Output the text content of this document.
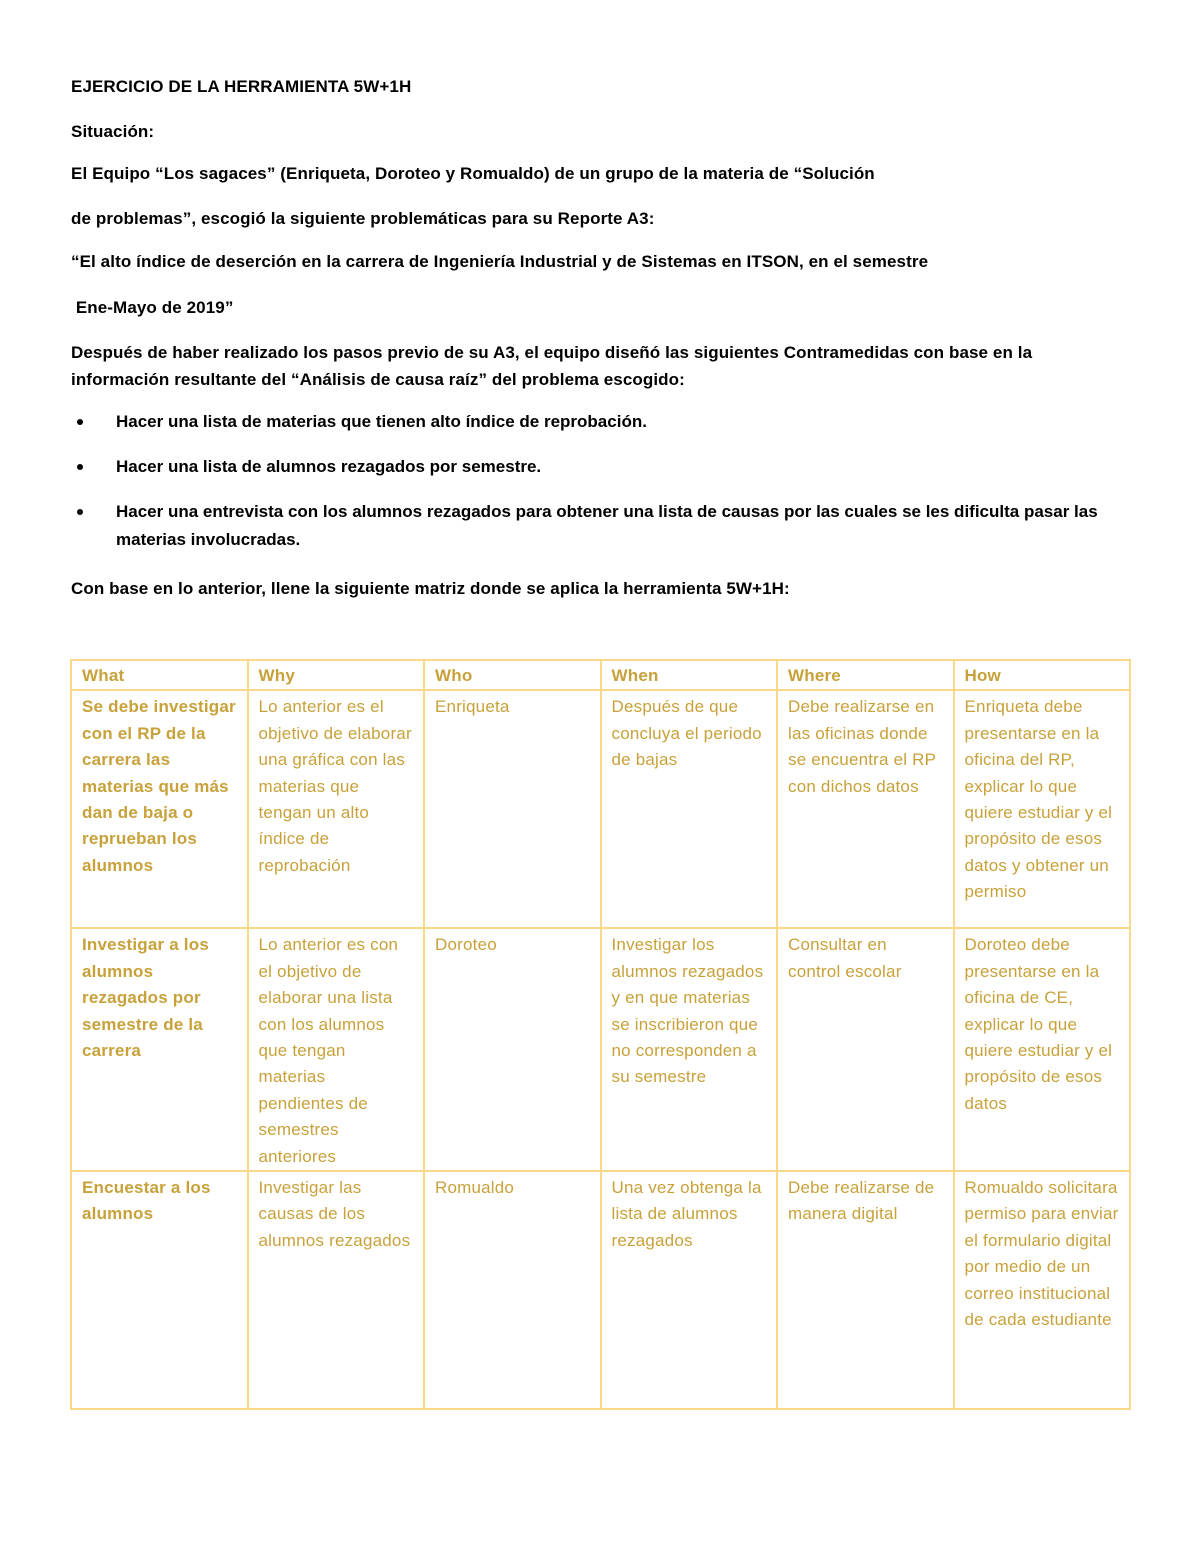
EJERCICIO DE LA HERRAMIENTA 5W+1H

Situación:

El Equipo “Los sagaces” (Enriqueta, Doroteo y Romualdo) de un grupo de la materia de “Solución

de problemas”, escogió la siguiente problemáticas para su Reporte A3:

“El alto índice de deserción en la carrera de Ingeniería Industrial y de Sistemas en ITSON, en el semestre

Ene-Mayo de 2019”

Después de haber realizado los pasos previo de su A3, el equipo diseñó las siguientes Contramedidas con base en la información resultante del “Análisis de causa raíz” del problema escogido:

Hacer una lista de materias que tienen alto índice de reprobación.
Hacer una lista de alumnos rezagados por semestre.
Hacer una entrevista con los alumnos rezagados para obtener una lista de causas por las cuales se les dificulta pasar las materias involucradas.

Con base en lo anterior, llene la siguiente matriz donde se aplica la herramienta 5W+1H:

What	Why	Who	When	Where	How
Se debe investigar con el RP de la carrera las materias que más dan de baja o reprueban los alumnos	Lo anterior es el objetivo de elaborar una gráfica con las materias que tengan un alto índice de reprobación	Enriqueta	Después de que concluya el periodo de bajas	Debe realizarse en las oficinas donde se encuentra el RP con dichos datos	Enriqueta debe presentarse en la oficina del RP, explicar lo que quiere estudiar y el propósito de esos datos y obtener un permiso
Investigar a los alumnos rezagados por semestre de la carrera	Lo anterior es con el objetivo de elaborar una lista con los alumnos que tengan materias pendientes de semestres anteriores	Doroteo	Investigar los alumnos rezagados y en que materias se inscribieron que no corresponden a su semestre	Consultar en control escolar	Doroteo debe presentarse en la oficina de CE, explicar lo que quiere estudiar y el propósito de esos datos
Encuestar a los alumnos	Investigar las causas de los alumnos rezagados	Romualdo	Una vez obtenga la lista de alumnos rezagados	Debe realizarse de manera digital	Romualdo solicitara permiso para enviar el formulario digital por medio de un correo institucional de cada estudiante
